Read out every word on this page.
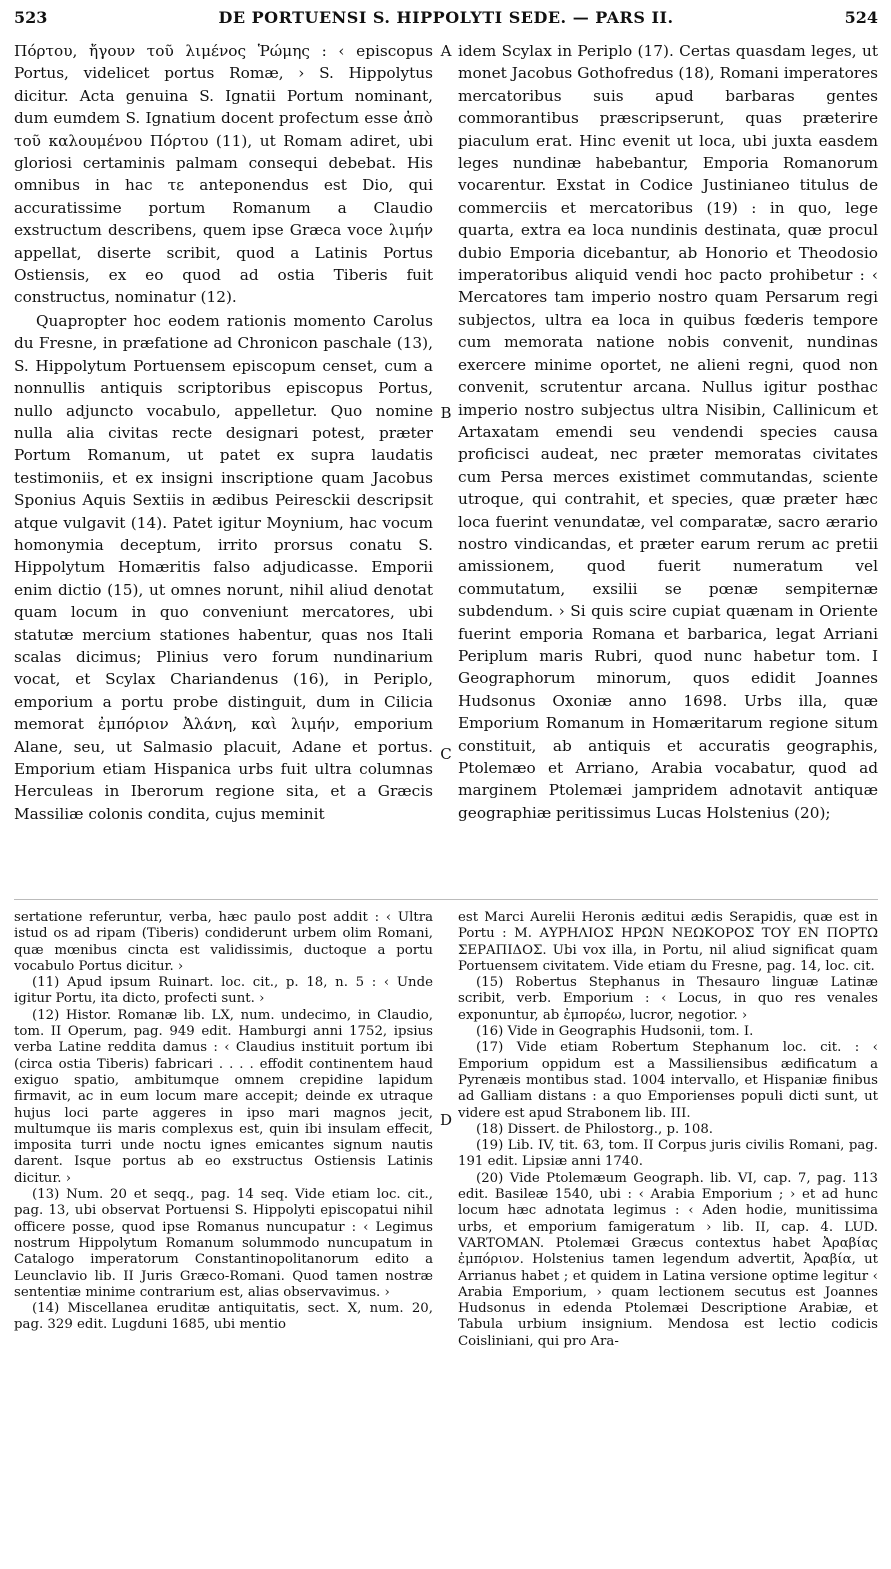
523	DE PORTUENSI S. HIPPOLYTI SEDE. — PARS II.	524

Πόρτου, ἤγουν τοῦ λιμένος Ῥώμης : ‹ episcopus Portus, videlicet portus Romæ, › S. Hippolytus dicitur. Acta genuina S. Ignatii Portum nominant, dum eumdem S. Ignatium docent profectum esse ἀπὸ τοῦ καλουμένου Πόρτου (11), ut Romam adiret, ubi gloriosi certaminis palmam consequi debebat. His omnibus in hac τε anteponendus est Dio, qui accuratissime portum Romanum a Claudio exstructum describens, quem ipse Græca voce λιμήν appellat, diserte scribit, quod a Latinis Portus Ostiensis, ex eo quod ad ostia Tiberis fuit constructus, nominatur (12).

Quapropter hoc eodem rationis momento Carolus du Fresne, in præfatione ad Chronicon paschale (13), S. Hippolytum Portuensem episcopum censet, cum a nonnullis antiquis scriptoribus episcopus Portus, nullo adjuncto vocabulo, appelletur. Quo nomine nulla alia civitas recte designari potest, præter Portum Romanum, ut patet ex supra laudatis testimoniis, et ex insigni inscriptione quam Jacobus Sponius Aquis Sextiis in ædibus Peiresckii descripsit atque vulgavit (14). Patet igitur Moynium, hac vocum homonymia deceptum, irrito prorsus conatu S. Hippolytum Homæritis falso adjudicasse. Emporii enim dictio (15), ut omnes norunt, nihil aliud denotat quam locum in quo conveniunt mercatores, ubi statutæ mercium stationes habentur, quas nos Itali scalas dicimus; Plinius vero forum nundinarium vocat, et Scylax Chariandenus (16), in Periplo, emporium a portu probe distinguit, dum in Cilicia memorat ἐμπόριον Ἀλάνη, καὶ λιμήν, emporium Alane, seu, ut Salmasio placuit, Adane et portus. Emporium etiam Hispanica urbs fuit ultra columnas Herculeas in Iberorum regione sita, et a Græcis Massiliæ colonis condita, cujus meminit

idem Scylax in Periplo (17). Certas quasdam leges, ut monet Jacobus Gothofredus (18), Romani imperatores mercatoribus suis apud barbaras gentes commorantibus præscripserunt, quas præterire piaculum erat. Hinc evenit ut loca, ubi juxta easdem leges nundinæ habebantur, Emporia Romanorum vocarentur. Exstat in Codice Justinianeo titulus de commerciis et mercatoribus (19) : in quo, lege quarta, extra ea loca nundinis destinata, quæ procul dubio Emporia dicebantur, ab Honorio et Theodosio imperatoribus aliquid vendi hoc pacto prohibetur : ‹ Mercatores tam imperio nostro quam Persarum regi subjectos, ultra ea loca in quibus fœderis tempore cum memorata natione nobis convenit, nundinas exercere minime oportet, ne alieni regni, quod non convenit, scrutentur arcana. Nullus igitur posthac imperio nostro subjectus ultra Nisibin, Callinicum et Artaxatam emendi seu vendendi species causa proficisci audeat, nec præter memoratas civitates cum Persa merces existimet commutandas, sciente utroque, qui contrahit, et species, quæ præter hæc loca fuerint venundatæ, vel comparatæ, sacro ærario nostro vindicandas, et præter earum rerum ac pretii amissionem, quod fuerit numeratum vel commutatum, exsilii se pœnæ sempiternæ subdendum. › Si quis scire cupiat quænam in Oriente fuerint emporia Romana et barbarica, legat Arriani Periplum maris Rubri, quod nunc habetur tom. I Geographorum minorum, quos edidit Joannes Hudsonus Oxoniæ anno 1698. Urbs illa, quæ Emporium Romanum in Homæritarum regione situm constituit, ab antiquis et accuratis geographis, Ptolemæo et Arriano, Arabia vocabatur, quod ad marginem Ptolemæi jampridem adnotavit antiquæ geographiæ peritissimus Lucas Holstenius (20);

A
B
C
D

sertatione referuntur, verba, hæc paulo post addit : ‹ Ultra istud os ad ripam (Tiberis) condiderunt urbem olim Romani, quæ mœnibus cincta est validissimis, ductoque a portu vocabulo Portus dicitur. ›

(11) Apud ipsum Ruinart. loc. cit., p. 18, n. 5 : ‹ Unde igitur Portu, ita dicto, profecti sunt. ›

(12) Histor. Romanæ lib. LX, num. undecimo, in Claudio, tom. II Operum, pag. 949 edit. Hamburgi anni 1752, ipsius verba Latine reddita damus : ‹ Claudius instituit portum ibi (circa ostia Tiberis) fabricari . . . . effodit continentem haud exiguo spatio, ambitumque omnem crepidine lapidum firmavit, ac in eum locum mare accepit; deinde ex utraque hujus loci parte aggeres in ipso mari magnos jecit, multumque iis maris complexus est, quin ibi insulam effecit, imposita turri unde noctu ignes emicantes signum nautis darent. Isque portus ab eo exstructus Ostiensis Latinis dicitur. ›

(13) Num. 20 et seqq., pag. 14 seq. Vide etiam loc. cit., pag. 13, ubi observat Portuensi S. Hippolyti episcopatui nihil officere posse, quod ipse Romanus nuncupatur : ‹ Legimus nostrum Hippolytum Romanum solummodo nuncupatum in Catalogo imperatorum Constantinopolitanorum edito a Leunclavio lib. II Juris Græco-Romani. Quod tamen nostræ sententiæ minime contrarium est, alias observavimus. ›

(14) Miscellanea eruditæ antiquitatis, sect. X, num. 20, pag. 329 edit. Lugduni 1685, ubi mentio

est Marci Aurelii Heronis æditui ædis Serapidis, quæ est in Portu : Μ. ΑΥΡΗΛΙΟΣ ΗΡΩΝ ΝΕΩΚΟΡΟΣ ΤΟΥ ΕΝ ΠΟΡΤΩ ΣΕΡΑΠΙΔΟΣ. Ubi vox illa, in Portu, nil aliud significat quam Portuensem civitatem. Vide etiam du Fresne, pag. 14, loc. cit.

(15) Robertus Stephanus in Thesauro linguæ Latinæ scribit, verb. Emporium : ‹ Locus, in quo res venales exponuntur, ab ἐμπορέω, lucror, negotior. ›

(16) Vide in Geographis Hudsonii, tom. I.

(17) Vide etiam Robertum Stephanum loc. cit. : ‹ Emporium oppidum est a Massiliensibus ædificatum a Pyrenæis montibus stad. 1004 intervallo, et Hispaniæ finibus ad Galliam distans : a quo Emporienses populi dicti sunt, ut videre est apud Strabonem lib. III.

(18) Dissert. de Philostorg., p. 108.

(19) Lib. IV, tit. 63, tom. II Corpus juris civilis Romani, pag. 191 edit. Lipsiæ anni 1740.

(20) Vide Ptolemæum Geograph. lib. VI, cap. 7, pag. 113 edit. Basileæ 1540, ubi : ‹ Arabia Emporium ; › et ad hunc locum hæc adnotata legimus : ‹ Aden hodie, munitissima urbs, et emporium famigeratum › lib. II, cap. 4. LUD. VARTOMAN. Ptolemæi Græcus contextus habet Ἀραβίας ἐμπόριον. Holstenius tamen legendum advertit, Ἀραβία, ut Arrianus habet ; et quidem in Latina versione optime legitur ‹ Arabia Emporium, › quam lectionem secutus est Joannes Hudsonus in edenda Ptolemæi Descriptione Arabiæ, et Tabula urbium insignium. Mendosa est lectio codicis Coisliniani, qui pro Ara-
